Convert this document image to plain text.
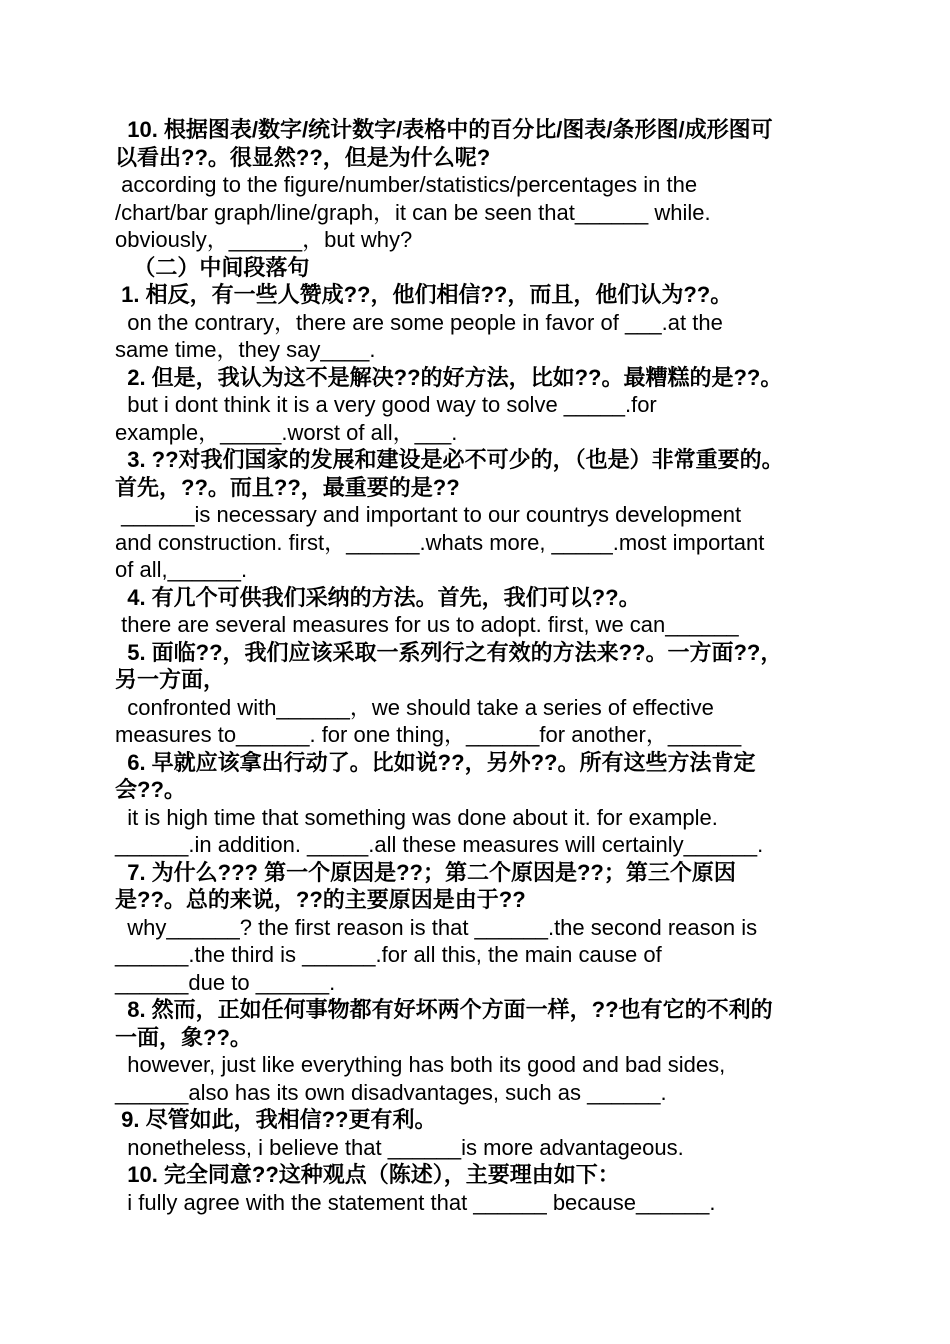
10. 根据图表/数字/统计数字/表格中的百分比/图表/条形图/成形图可
以看出??。很显然??，但是为什么呢?
according to the figure/number/statistics/percentages in the
/chart/bar graph/line/graph，it can be seen that______ while.
obviously，______，but why?
（二）中间段落句
1. 相反，有一些人赞成??，他们相信??，而且，他们认为??。
on the contrary，there are some people in favor of ___.at the
same time，they say____.
2. 但是，我认为这不是解决??的好方法，比如??。最糟糕的是??。
but i dont think it is a very good way to solve _____.for
example，_____.worst of all，___.
3. ??对我们国家的发展和建设是必不可少的，（也是）非常重要的。
首先，??。而且??，最重要的是??
______is necessary and important to our countrys development
and construction. first，______.whats more, _____.most important
of all,______.
4. 有几个可供我们采纳的方法。首先，我们可以??。
there are several measures for us to adopt. first, we can______
5. 面临??，我们应该采取一系列行之有效的方法来??。一方面??，
另一方面，
confronted with______，we should take a series of effective
measures to______. for one thing，______for another，______
6. 早就应该拿出行动了。比如说??，另外??。所有这些方法肯定
会??。
it is high time that something was done about it. for example.
______.in addition. _____.all these measures will certainly______.
7. 为什么??? 第一个原因是??；第二个原因是??；第三个原因
是??。总的来说，??的主要原因是由于??
why______? the first reason is that ______.the second reason is
______.the third is ______.for all this, the main cause of
______due to ______.
8. 然而，正如任何事物都有好坏两个方面一样，??也有它的不利的
一面，象??。
however, just like everything has both its good and bad sides,
______also has its own disadvantages, such as ______.
9. 尽管如此，我相信??更有利。
nonetheless, i believe that ______is more advantageous.
10. 完全同意??这种观点（陈述），主要理由如下：
i fully agree with the statement that ______ because______.
